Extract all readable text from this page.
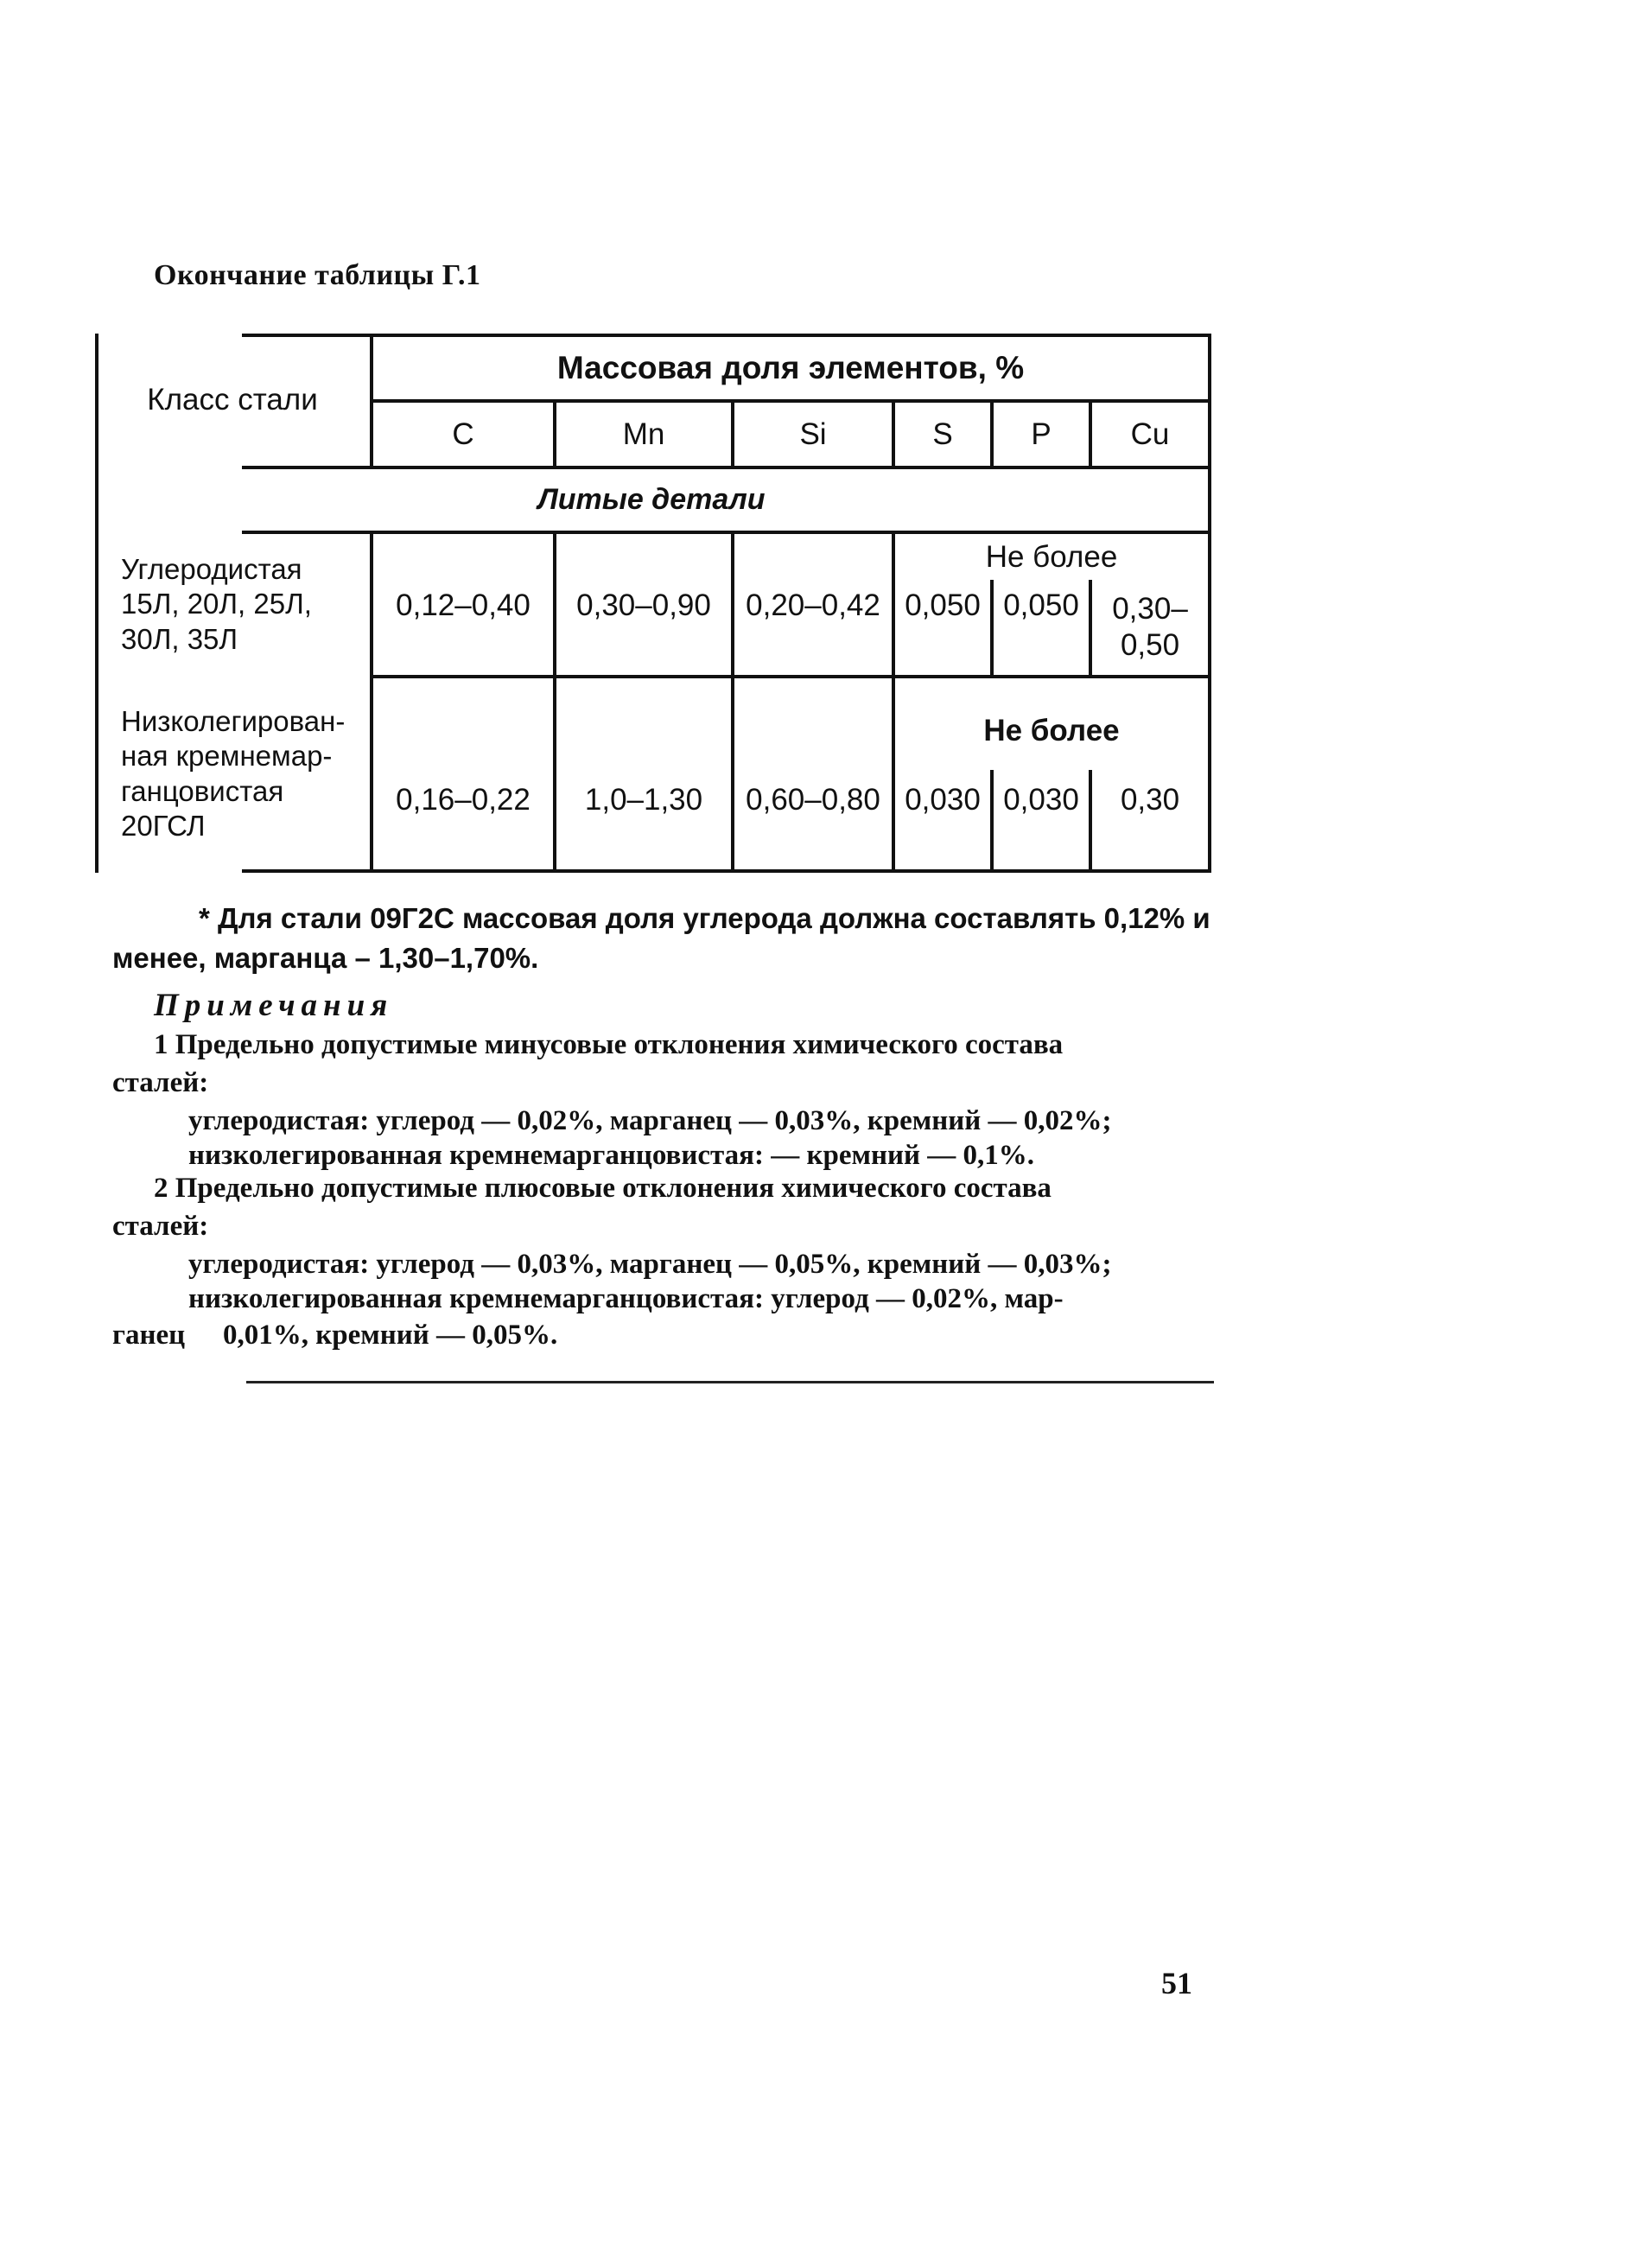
Окончание таблицы Г.1
Класс стали
Массовая доля элементов, %
C	Mn	Si	S	P	Cu
Литые детали
Углеродистая
15Л, 20Л, 25Л,
30Л, 35Л
Не более
0,12–0,40	0,30–0,90	0,20–0,42 0,050 0,050	0,30–
0,50
Низколегирован-
ная кремнемар-
ганцовистая
20ГСЛ
Не более
0,16–0,22	1,0–1,30	0,60–0,80 0,030 0,030	0,30
* Для стали 09Г2С массовая доля углерода должна составлять 0,12% и
менее, марганца – 1,30–1,70%.
Примечания
1 Предельно допустимые минусовые отклонения химического состава
сталей:
углеродистая: углерод — 0,02%, марганец — 0,03%, кремний — 0,02%;
низколегированная кремнемарганцовистая: — кремний — 0,1%.
2 Предельно допустимые плюсовые отклонения химического состава
сталей:
углеродистая: углерод — 0,03%, марганец — 0,05%, кремний — 0,03%;
низколегированная кремнемарганцовистая: углерод — 0,02%, мар-
ганец 0,01%, кремний — 0,05%.
51
